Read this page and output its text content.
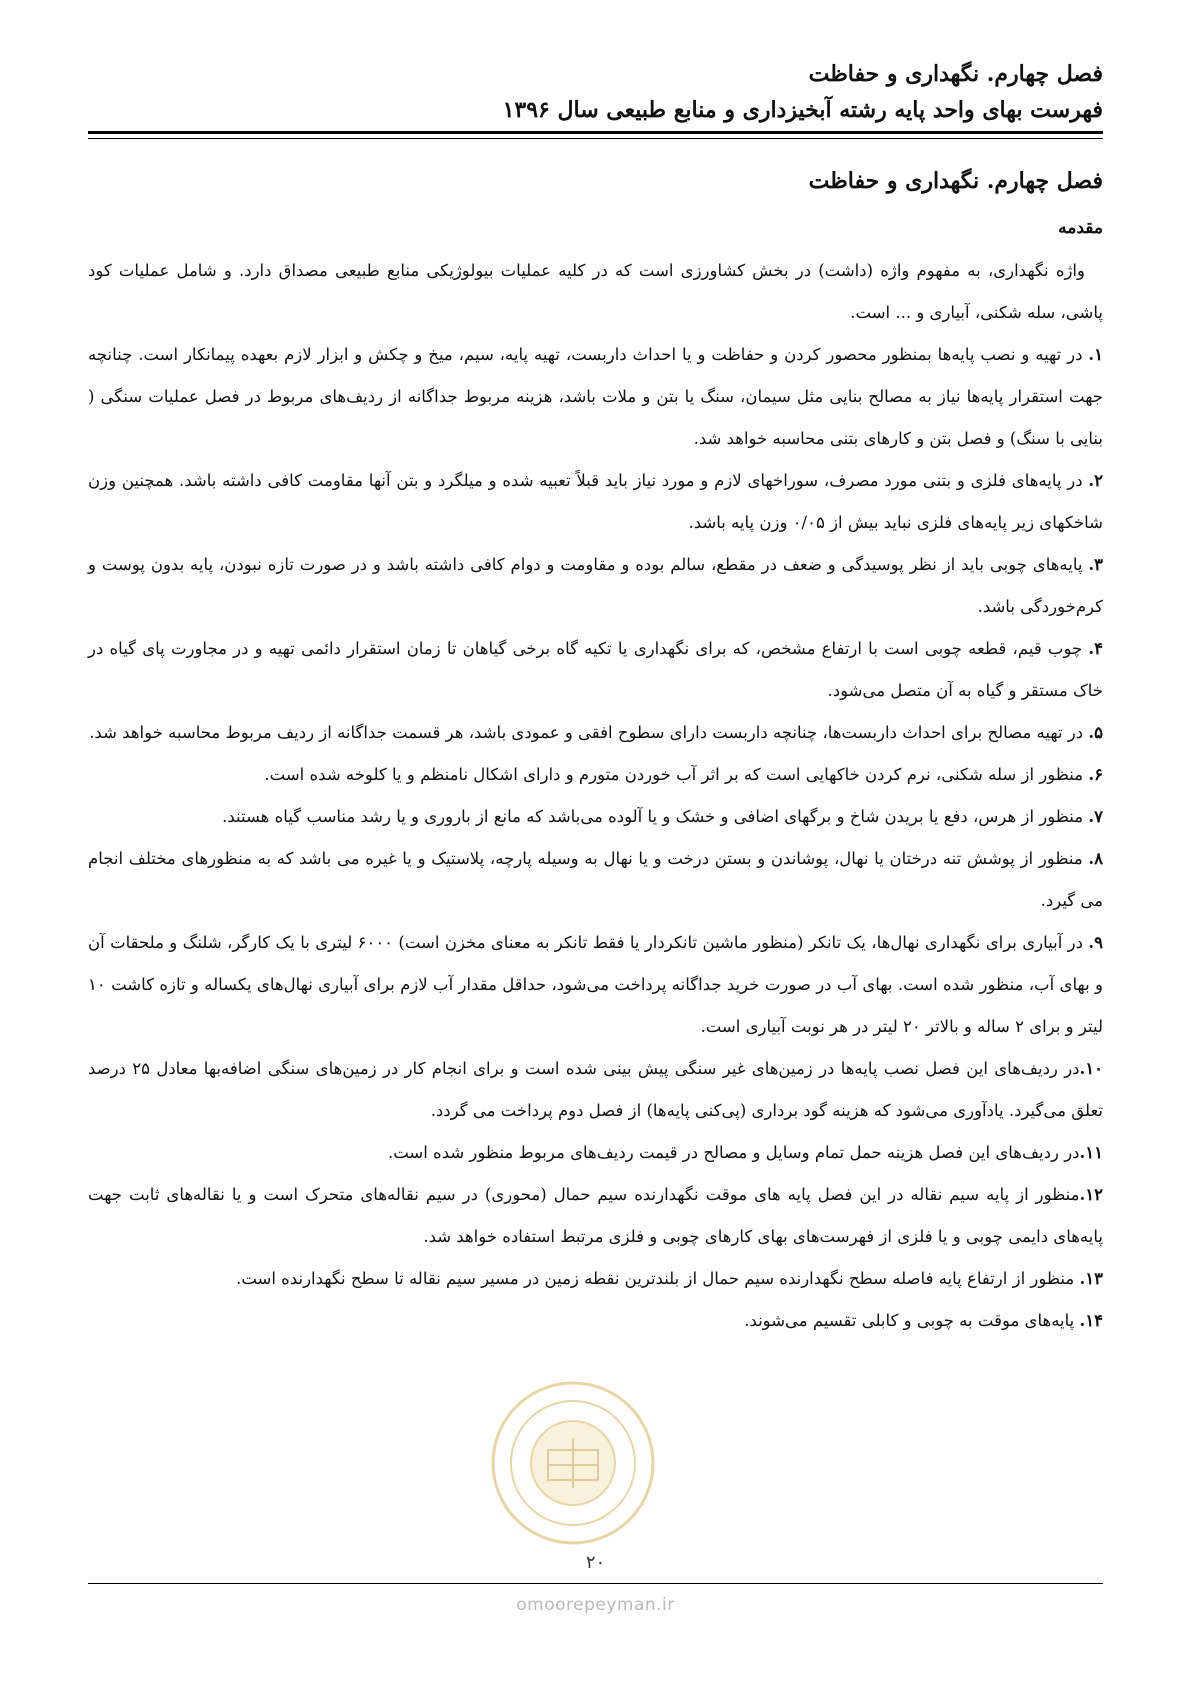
فصل چهارم. نگهداری و حفاظت
فهرست بهای واحد پایه رشته آبخیزداری و منابع طبیعی سال ۱۳۹۶
فصل چهارم. نگهداری و حفاظت
مقدمه

واژه نگهداری، به مفهوم واژه (داشت) در بخش کشاورزی است که در کلیه عملیات بیولوژیکی منابع طبیعی مصداق دارد. و شامل عملیات کود پاشی، سله شکنی، آبیاری و ... است.

۱. در تهیه و نصب پایه‌ها بمنظور محصور کردن و حفاظت و یا احداث داربست، تهیه پایه، سیم، میخ و چکش و ابزار لازم بعهده پیمانکار است. چنانچه جهت استقرار پایه‌ها نیاز به مصالح بنایی مثل سیمان، سنگ یا بتن و ملات باشد، هزینه مربوط جداگانه از ردیف‌های مربوط در فصل عملیات سنگی ( بنایی با سنگ) و فصل بتن و کارهای بتنی محاسبه خواهد شد.

۲. در پایه‌های فلزی و بتنی مورد مصرف، سوراخهای لازم و مورد نیاز باید قبلاً تعبیه شده و میلگرد و بتن آنها مقاومت کافی داشته باشد. همچنین وزن شاخکهای زیر پایه‌های فلزی نباید بیش از ۰/۰۵ وزن پایه باشد.

۳. پایه‌های چوبی باید از نظر پوسیدگی و ضعف در مقطع، سالم بوده و مقاومت و دوام کافی داشته باشد و در صورت تازه نبودن، پایه بدون پوست و کرم‌خوردگی باشد.

۴. چوب قیم، قطعه چوبی است با ارتفاع مشخص، که برای نگهداری یا تکیه گاه برخی گیاهان تا زمان استقرار دائمی تهیه و در مجاورت پای گیاه در خاک مستقر و گیاه به آن متصل می‌شود.

۵. در تهیه مصالح برای احداث داربست‌ها، چنانچه داربست دارای سطوح افقی و عمودی باشد، هر قسمت جداگانه از ردیف مربوط محاسبه خواهد شد.

۶. منظور از سله شکنی، نرم کردن خاکهایی است که بر اثر آب خوردن متورم و دارای اشکال نامنظم و یا کلوخه شده است.

۷. منظور از هرس، دفع یا بریدن شاخ و برگهای اضافی و خشک و یا آلوده می‌باشد که مانع از باروری و یا رشد مناسب گیاه هستند.

۸. منظور از پوشش تنه درختان یا نهال، پوشاندن و بستن درخت و یا نهال به وسیله پارچه، پلاستیک و یا غیره می باشد که به منظورهای مختلف انجام می گیرد.

۹. در آبیاری برای نگهداری نهال‌ها، یک تانکر (منظور ماشین تانکردار یا فقط تانکر به معنای مخزن است) ۶۰۰۰ لیتری با یک کارگر، شلنگ و ملحقات آن و بهای آب، منظور شده است. بهای آب در صورت خرید جداگانه پرداخت می‌شود، حداقل مقدار آب لازم برای آبیاری نهال‌های یکساله و تازه کاشت ۱۰ لیتر و برای ۲ ساله و بالاتر ۲۰ لیتر در هر نوبت آبیاری است.

۱۰.در ردیف‌های این فصل نصب پایه‌ها در زمین‌های غیر سنگی پیش بینی شده است و برای انجام کار در زمین‌های سنگی اضافه‌بها معادل ۲۵ درصد تعلق می‌گیرد. یادآوری می‌شود که هزینه گود برداری (پی‌کنی پایه‌ها) از فصل دوم پرداخت می گردد.

۱۱.در ردیف‌های این فصل هزینه حمل تمام وسایل و مصالح در قیمت ردیف‌های مربوط منظور شده است.

۱۲.منظور از پایه سیم نقاله در این فصل پایه های موقت نگهدارنده سیم حمال (محوری) در سیم نقاله‌های متحرک است و یا نقاله‌های ثابت جهت پایه‌های دایمی چوبی و یا فلزی از فهرست‌های بهای کارهای چوبی و فلزی مرتبط استفاده خواهد شد.

۱۳. منظور از ارتفاع پایه فاصله سطح نگهدارنده سیم حمال از بلندترین نقطه زمین در مسیر سیم نقاله تا سطح نگهدارنده است.

۱۴. پایه‌های موقت به چوبی و کابلی تقسیم می‌شوند.

۲۰
omoorepeyman.ir
